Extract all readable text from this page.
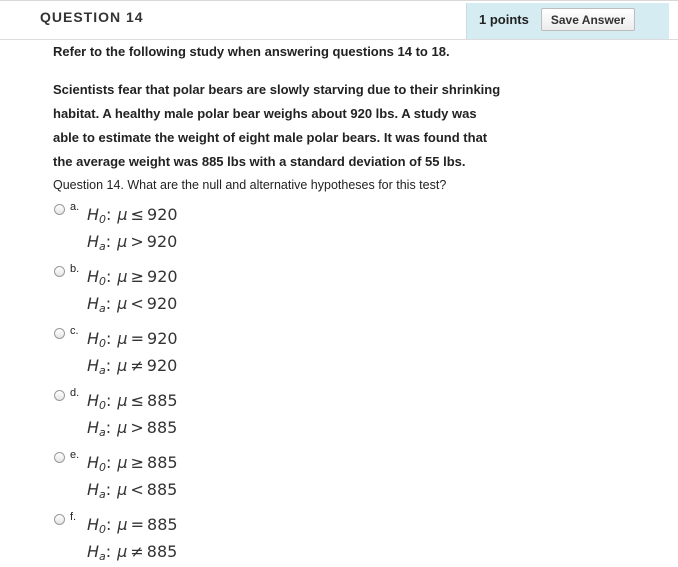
QUESTION 14	1 points	Save Answer
Refer to the following study when answering questions 14 to 18.
Scientists fear that polar bears are slowly starving due to their shrinking
habitat. A healthy male polar bear weighs about 920 lbs. A study was
able to estimate the weight of eight male polar bears. It was found that
the average weight was 885 lbs with a standard deviation of 55 lbs.
Question 14. What are the null and alternative hypotheses for this test?
a. $H_0$: μ ≤ 920
$H_a$: μ > 920
b. $H_0$: μ ≥ 920
$H_a$: μ < 920
c. $H_0$: μ = 920
$H_a$: μ ≠ 920
d. $H_0$: μ ≤ 885
$H_a$: μ > 885
e. $H_0$: μ ≥ 885
$H_a$: μ < 885
f. $H_0$: μ = 885
$H_a$: μ ≠ 885
